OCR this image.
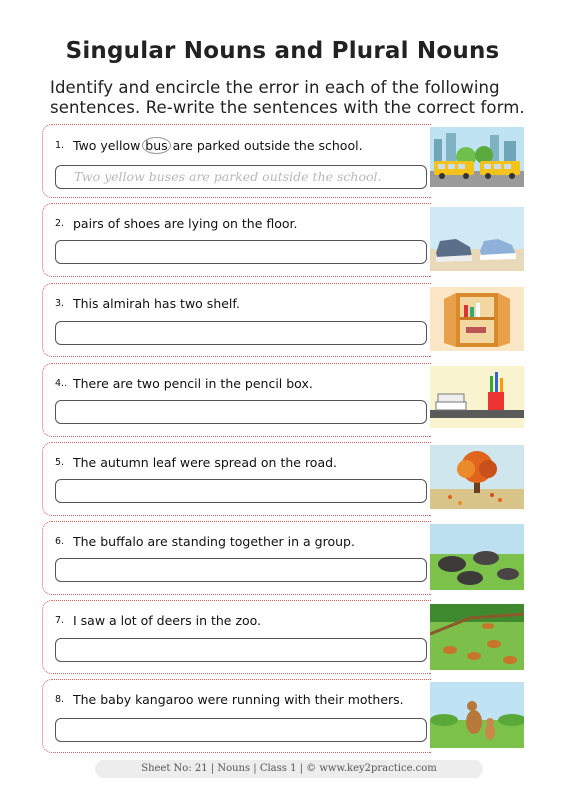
Singular Nouns and Plural Nouns
Identify and encircle the error in each of the following sentences. Re-write the sentences with the correct form.
1. Two yellow bus are parked outside the school.
Two yellow buses are parked outside the school.
2. pairs of shoes are lying on the floor.
3. This almirah has two shelf.
4.. There are two pencil in the pencil box.
5. The autumn leaf were spread on the road.
6. The buffalo are standing together in a group.
7. I saw a lot of deers in the zoo.
8. The baby kangaroo were running with their mothers.
Sheet No: 21 | Nouns | Class 1 | © www.key2practice.com
